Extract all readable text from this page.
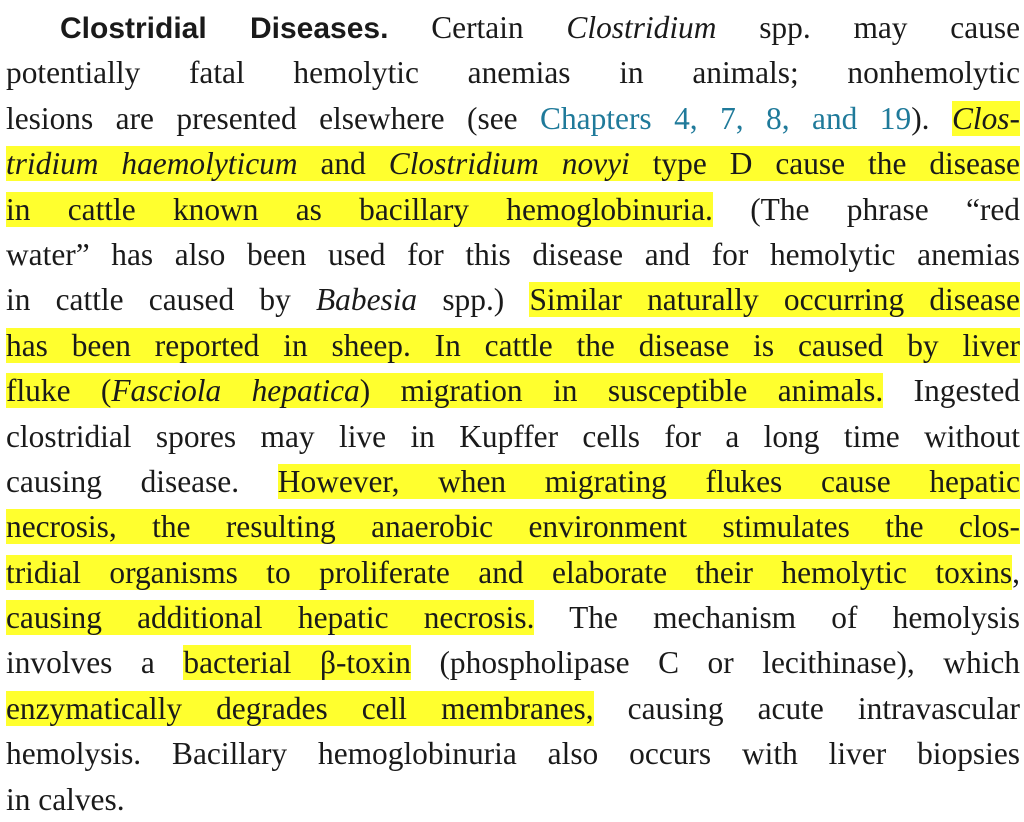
Clostridial Diseases. Certain Clostridium spp. may cause
potentially fatal hemolytic anemias in animals; nonhemolytic
lesions are presented elsewhere (see Chapters 4, 7, 8, and 19). Clos-
tridium haemolyticum and Clostridium novyi type D cause the disease
in cattle known as bacillary hemoglobinuria. (The phrase “red
water” has also been used for this disease and for hemolytic anemias
in cattle caused by Babesia spp.) Similar naturally occurring disease
has been reported in sheep. In cattle the disease is caused by liver
fluke (Fasciola hepatica) migration in susceptible animals. Ingested
clostridial spores may live in Kupffer cells for a long time without
causing disease. However, when migrating flukes cause hepatic
necrosis, the resulting anaerobic environment stimulates the clos-
tridial organisms to proliferate and elaborate their hemolytic toxins,
causing additional hepatic necrosis. The mechanism of hemolysis
involves a bacterial β-toxin (phospholipase C or lecithinase), which
enzymatically degrades cell membranes, causing acute intravascular
hemolysis. Bacillary hemoglobinuria also occurs with liver biopsies
in calves.
